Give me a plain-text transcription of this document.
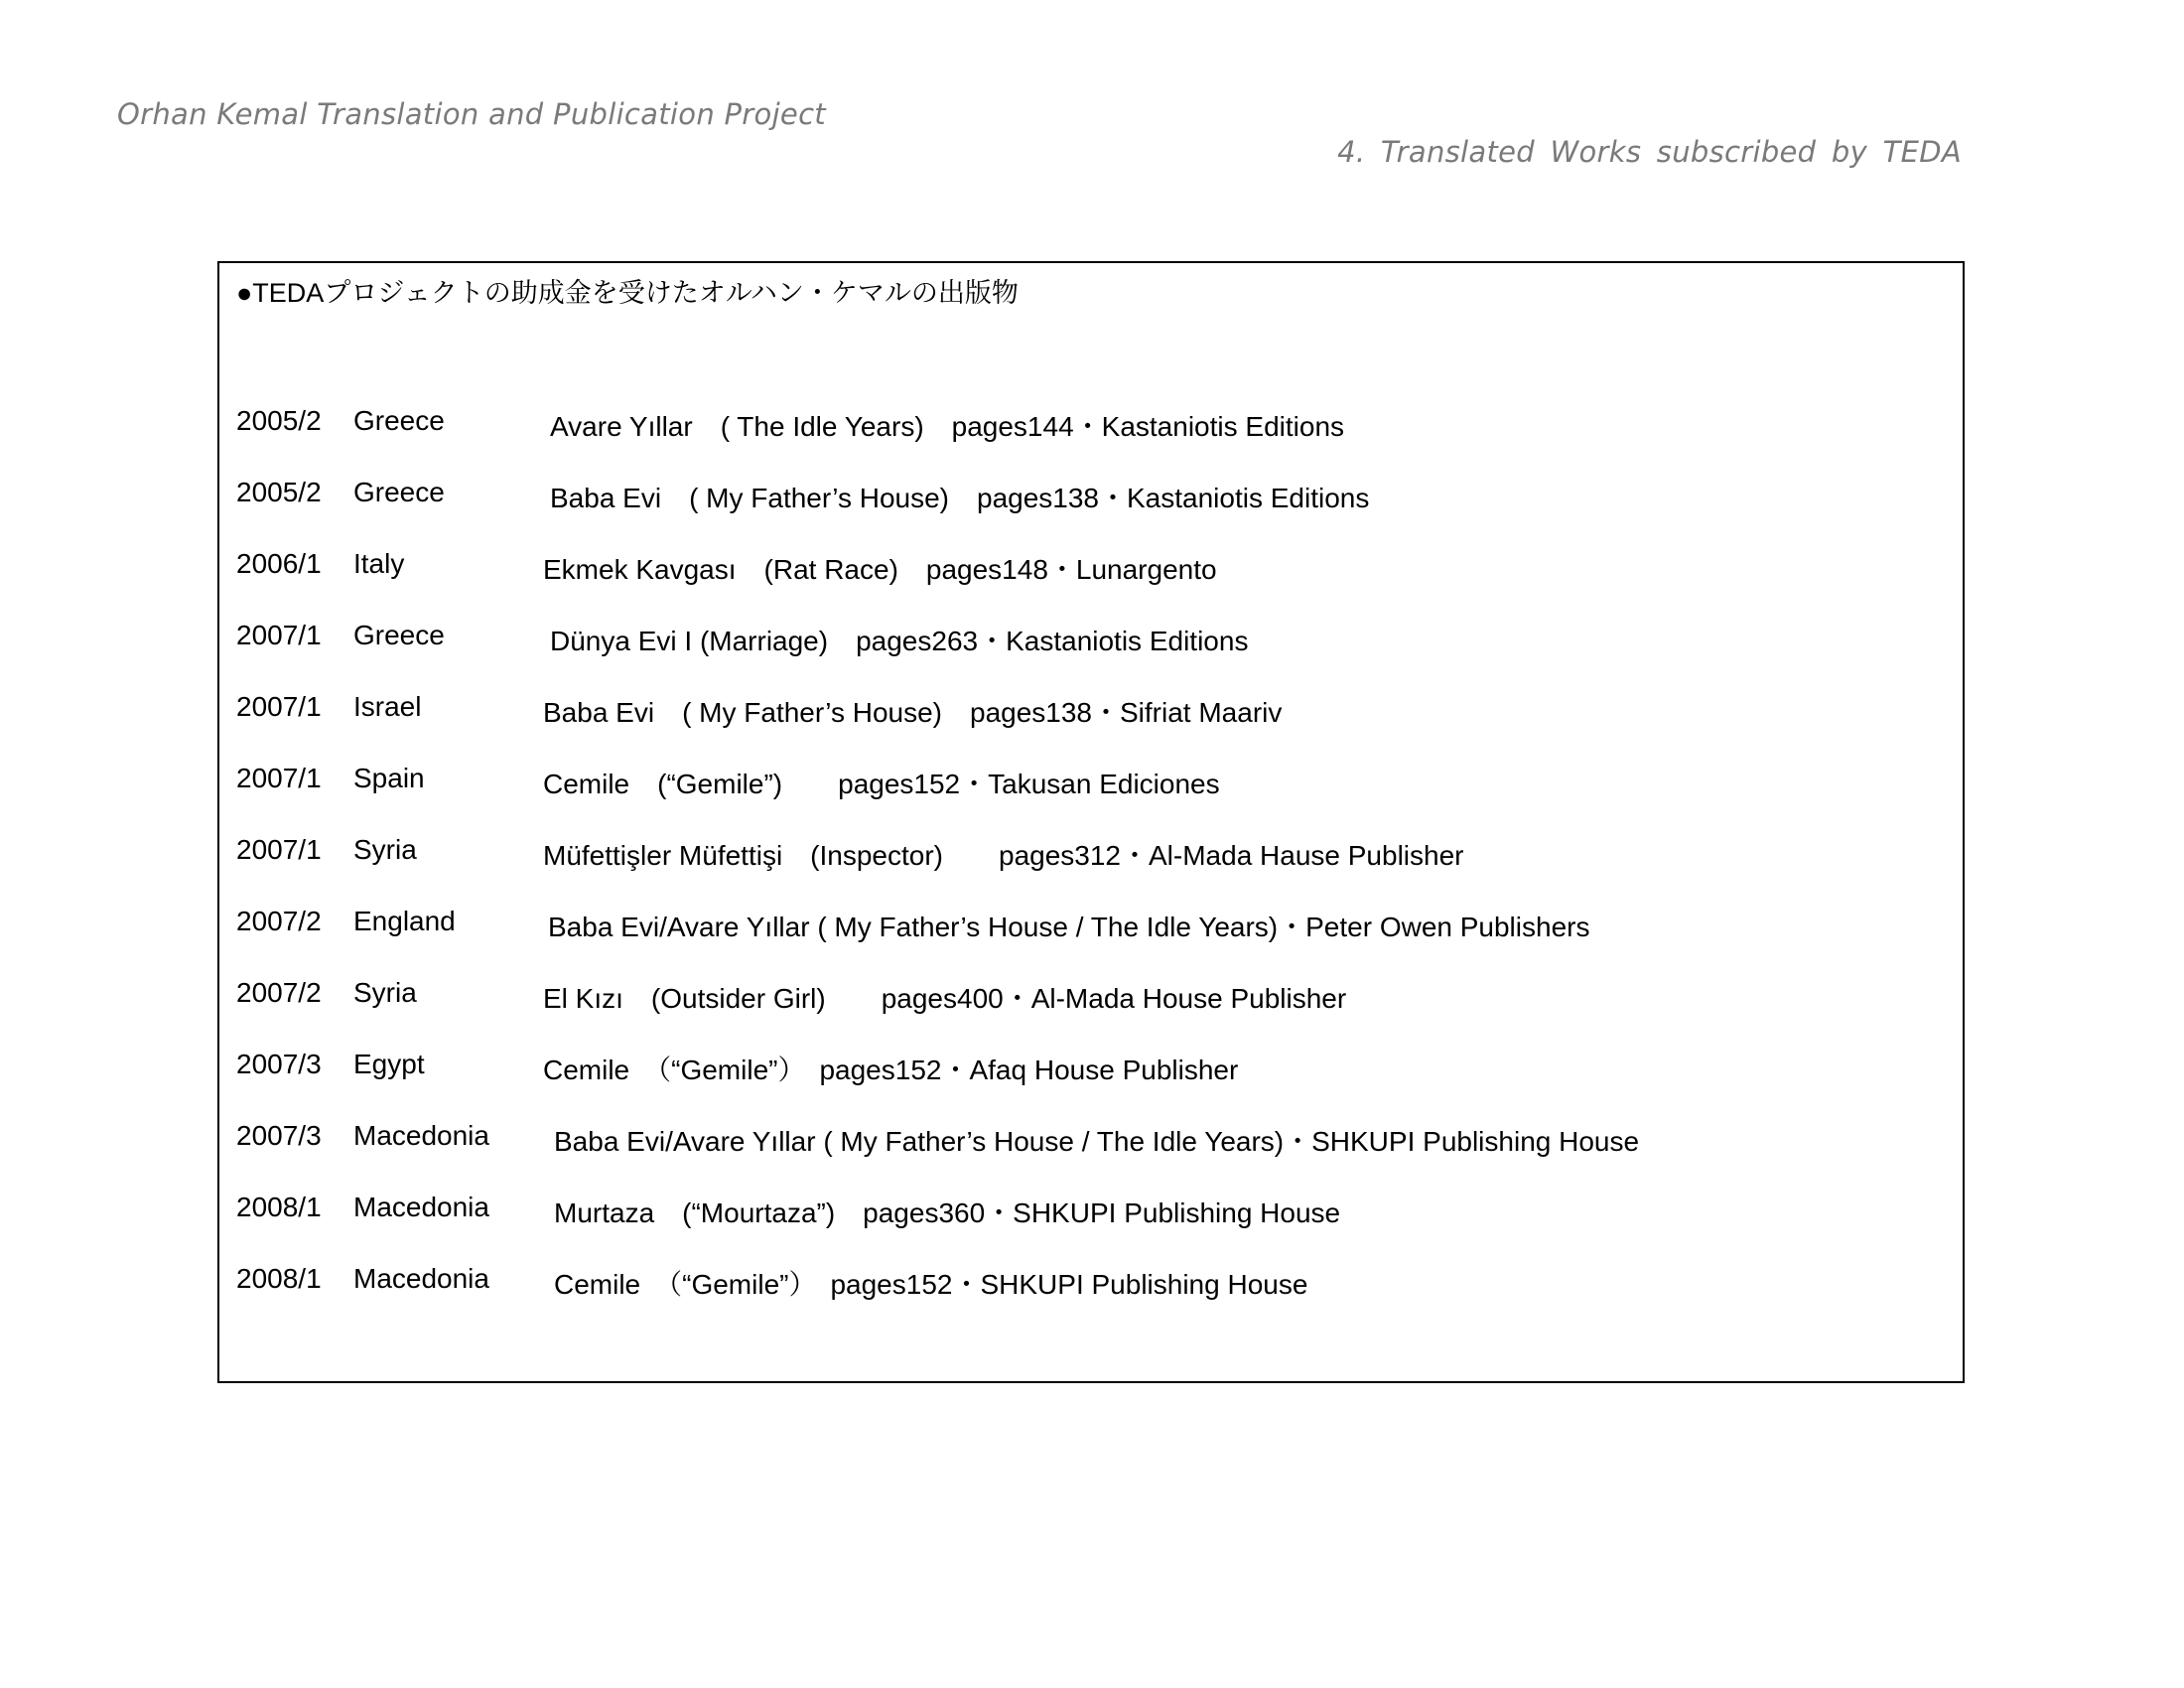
Orhan Kemal Translation and Publication Project
4. Translated Works subscribed by TEDA
●TEDAプロジェクトの助成金を受けたオルハン・ケマルの出版物
2005/2 Greece	Avare Yıllar　( The Idle Years)　pages144・Kastaniotis Editions
2005/2 Greece	Baba Evi　( My Father’s House)　pages138・Kastaniotis Editions
2006/1 Italy	Ekmek Kavgası　(Rat Race)　pages148・Lunargento
2007/1 Greece	Dünya Evi I (Marriage)　pages263・Kastaniotis Editions
2007/1 Israel	Baba Evi　( My Father’s House)　pages138・Sifriat Maariv
2007/1 Spain	Cemile　(“Gemile”)　　pages152・Takusan Ediciones
2007/1 Syria	Müfettişler Müfettişi　(Inspector)　　pages312・Al-Mada Hause Publisher
2007/2 England	Baba Evi/Avare Yıllar ( My Father’s House / The Idle Years)・Peter Owen Publishers
2007/2 Syria	El Kızı　(Outsider Girl)　　pages400・Al-Mada House Publisher
2007/3 Egypt	Cemile　（“Gemile”）　pages152・Afaq House Publisher
2007/3 Macedonia Baba Evi/Avare Yıllar ( My Father’s House / The Idle Years)・SHKUPI Publishing House
2008/1 Macedonia Murtaza　(“Mourtaza”)　pages360・SHKUPI Publishing House
2008/1 Macedonia Cemile　（“Gemile”）　pages152・SHKUPI Publishing House
